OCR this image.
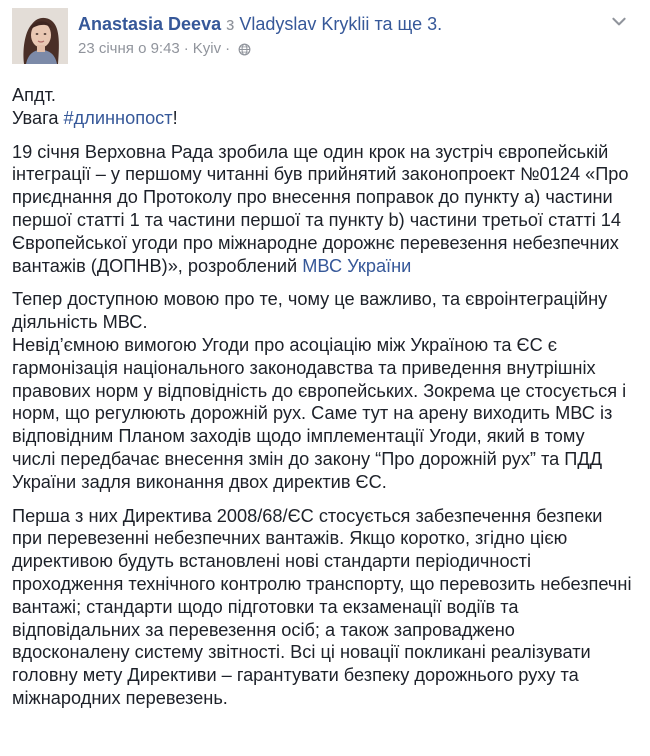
Anastasia Deeva з Vladyslav Kryklii та ще 3.
23 січня о 9:43 · Kyiv ·

Апдт.
Увага #длиннопост!

19 січня Верховна Рада зробила ще один крок на зустріч європейській
інтеграції – у першому читанні був прийнятий законопроект №0124 «Про
приєднання до Протоколу про внесення поправок до пункту а) частини
першої статті 1 та частини першої та пункту b) частини третьої статті 14
Європейської угоди про міжнародне дорожнє перевезення небезпечних
вантажів (ДОПНВ)», розроблений МВС України

Тепер доступною мовою про те, чому це важливо, та євроінтеграційну
діяльність МВС.
Невід’ємною вимогою Угоди про асоціацію між Україною та ЄС є
гармонізація національного законодавства та приведення внутрішніх
правових норм у відповідність до європейських. Зокрема це стосується і
норм, що регулюють дорожній рух. Саме тут на арену виходить МВС із
відповідним Планом заходів щодо імплементації Угоди, який в тому
числі передбачає внесення змін до закону “Про дорожній рух” та ПДД
України задля виконання двох директив ЄС.

Перша з них Директива 2008/68/ЄС стосується забезпечення безпеки
при перевезенні небезпечних вантажів. Якщо коротко, згідно цією
директивою будуть встановлені нові стандарти періодичності
проходження технічного контролю транспорту, що перевозить небезпечні
вантажі; стандарти щодо підготовки та екзаменації водіїв та
відповідальних за перевезення осіб; а також запроваджено
вдосконалену систему звітності. Всі ці новації покликані реалізувати
головну мету Директиви – гарантувати безпеку дорожнього руху та
міжнародних перевезень.
